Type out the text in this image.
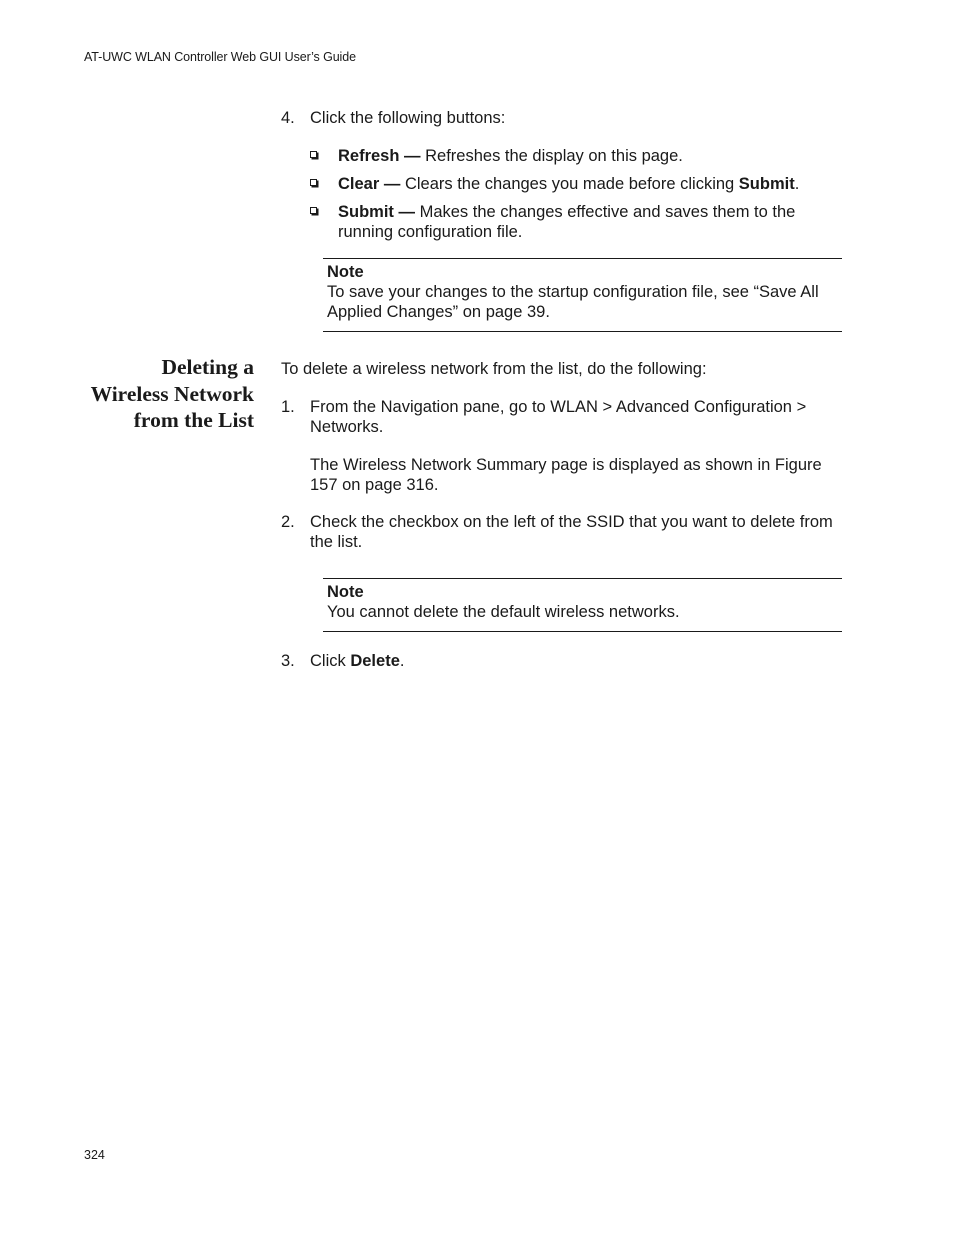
AT-UWC WLAN Controller Web GUI User’s Guide
4. Click the following buttons:
Refresh — Refreshes the display on this page.
Clear — Clears the changes you made before clicking Submit.
Submit — Makes the changes effective and saves them to the running configuration file.
Note
To save your changes to the startup configuration file, see “Save All Applied Changes” on page 39.
Deleting a
Wireless Network
from the List
To delete a wireless network from the list, do the following:
1. From the Navigation pane, go to WLAN > Advanced Configuration > Networks.
The Wireless Network Summary page is displayed as shown in Figure 157 on page 316.
2. Check the checkbox on the left of the SSID that you want to delete from the list.
Note
You cannot delete the default wireless networks.
3. Click Delete.
324
